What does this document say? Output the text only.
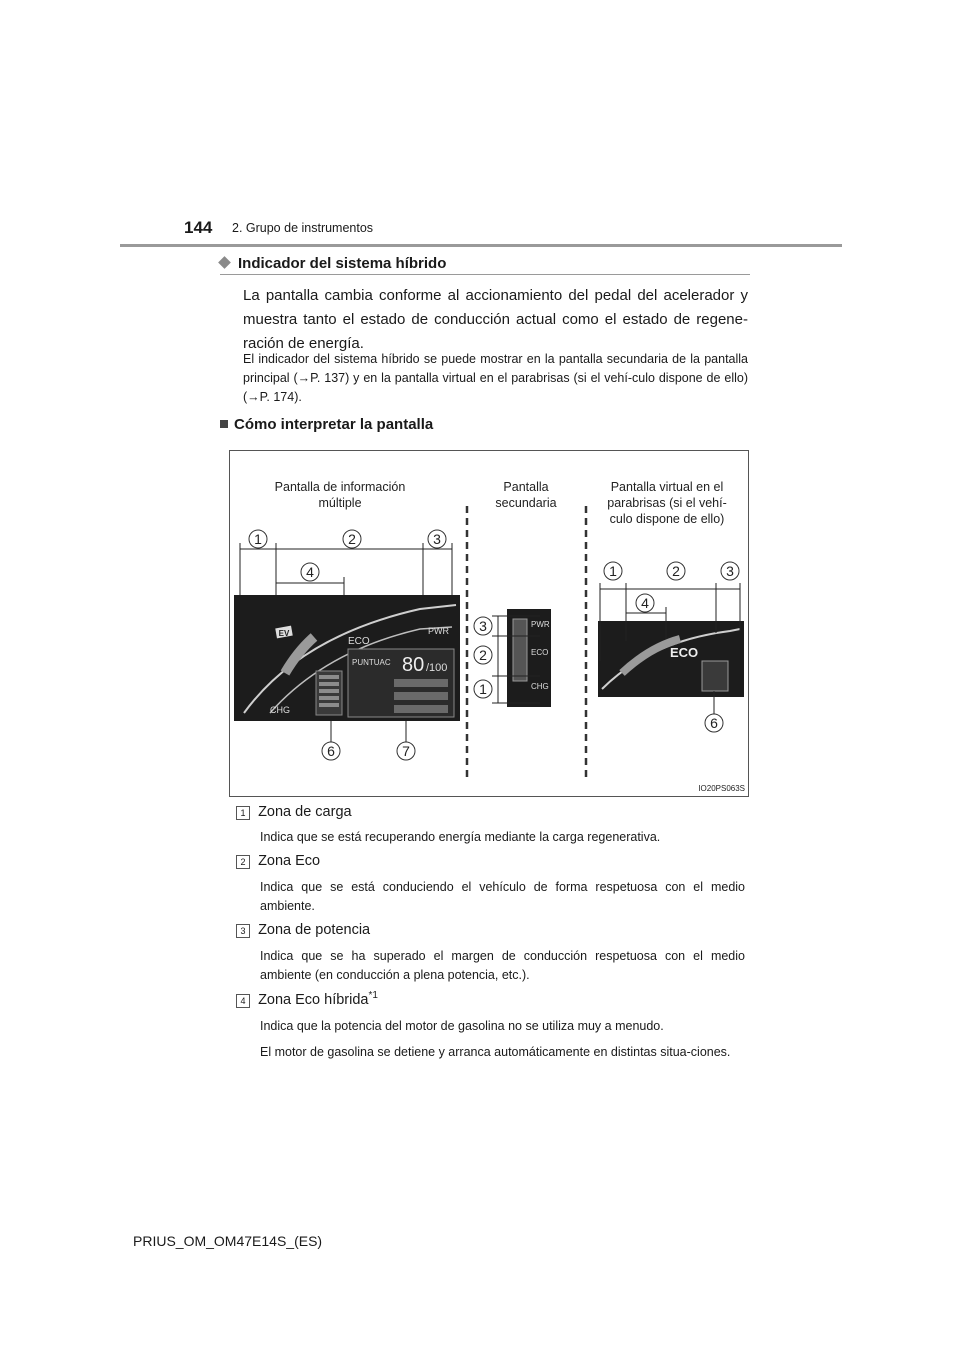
144 2. Grupo de instrumentos
Indicador del sistema híbrido
La pantalla cambia conforme al accionamiento del pedal del acelerador y muestra tanto el estado de conducción actual como el estado de regene-ración de energía.
El indicador del sistema híbrido se puede mostrar en la pantalla secundaria de la pantalla principal (→P. 137) y en la pantalla virtual en el parabrisas (si el vehí-culo dispone de ello) (→P. 174).
Cómo interpretar la pantalla
Pantalla de información
múltiple
Pantalla
secundaria
Pantalla virtual en el
parabrisas (si el vehí-
culo dispone de ello)
1	2	3
4
6	7
EV
ECO
PWR
CHG
PUNTUAC 80 /100
PWR
ECO
CHG
3
2
1
ECO
1	2	3
4
6
IO20PS063S
1 Zona de carga
Indica que se está recuperando energía mediante la carga regenerativa.
2 Zona Eco
Indica que se está conduciendo el vehículo de forma respetuosa con el medio ambiente.
3 Zona de potencia
Indica que se ha superado el margen de conducción respetuosa con el medio ambiente (en conducción a plena potencia, etc.).
4 Zona Eco híbrida$^{*1}$
Indica que la potencia del motor de gasolina no se utiliza muy a menudo.
El motor de gasolina se detiene y arranca automáticamente en distintas situa-ciones.
PRIUS_OM_OM47E14S_(ES)
